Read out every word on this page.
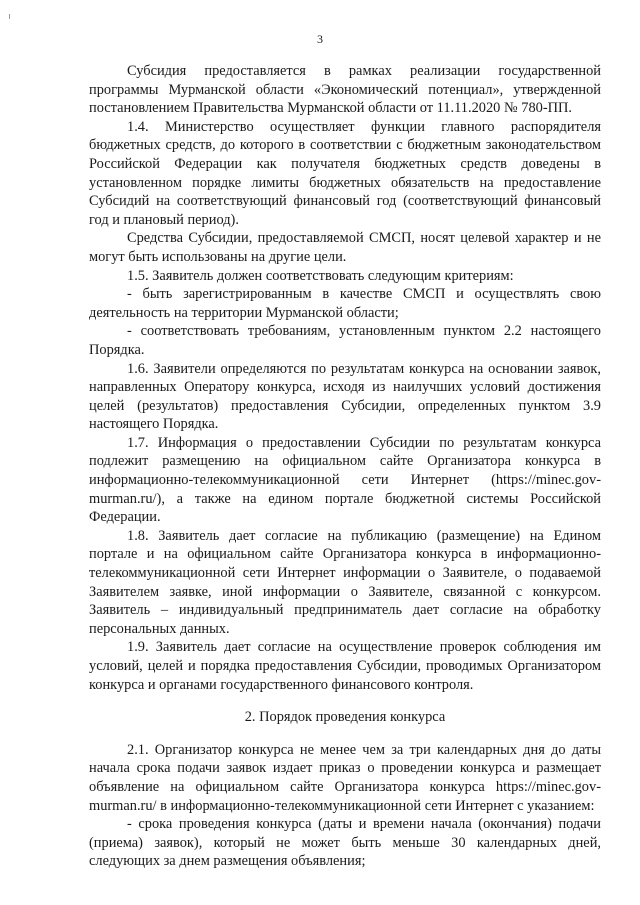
3

Субсидия предоставляется в рамках реализации государственной программы Мурманской области «Экономический потенциал», утвержденной постановлением Правительства Мурманской области от 11.11.2020 № 780-ПП.

1.4. Министерство осуществляет функции главного распорядителя бюджетных средств, до которого в соответствии с бюджетным законодательством Российской Федерации как получателя бюджетных средств доведены в установленном порядке лимиты бюджетных обязательств на предоставление Субсидий на соответствующий финансовый год (соответствующий финансовый год и плановый период).

Средства Субсидии, предоставляемой СМСП, носят целевой характер и не могут быть использованы на другие цели.

1.5. Заявитель должен соответствовать следующим критериям:

- быть зарегистрированным в качестве СМСП и осуществлять свою деятельность на территории Мурманской области;

- соответствовать требованиям, установленным пунктом 2.2 настоящего Порядка.

1.6. Заявители определяются по результатам конкурса на основании заявок, направленных Оператору конкурса, исходя из наилучших условий достижения целей (результатов) предоставления Субсидии, определенных пунктом 3.9 настоящего Порядка.

1.7. Информация о предоставлении Субсидии по результатам конкурса подлежит размещению на официальном сайте Организатора конкурса в информационно-телекоммуникационной сети Интернет (https://minec.gov-murman.ru/), а также на едином портале бюджетной системы Российской Федерации.

1.8. Заявитель дает согласие на публикацию (размещение) на Едином портале и на официальном сайте Организатора конкурса в информационно-телекоммуникационной сети Интернет информации о Заявителе, о подаваемой Заявителем заявке, иной информации о Заявителе, связанной с конкурсом. Заявитель – индивидуальный предприниматель дает согласие на обработку персональных данных.

1.9. Заявитель дает согласие на осуществление проверок соблюдения им условий, целей и порядка предоставления Субсидии, проводимых Организатором конкурса и органами государственного финансового контроля.

2. Порядок проведения конкурса

2.1. Организатор конкурса не менее чем за три календарных дня до даты начала срока подачи заявок издает приказ о проведении конкурса и размещает объявление на официальном сайте Организатора конкурса https://minec.gov-murman.ru/ в информационно-телекоммуникационной сети Интернет с указанием:

- срока проведения конкурса (даты и времени начала (окончания) подачи (приема) заявок), который не может быть меньше 30 календарных дней, следующих за днем размещения объявления;
